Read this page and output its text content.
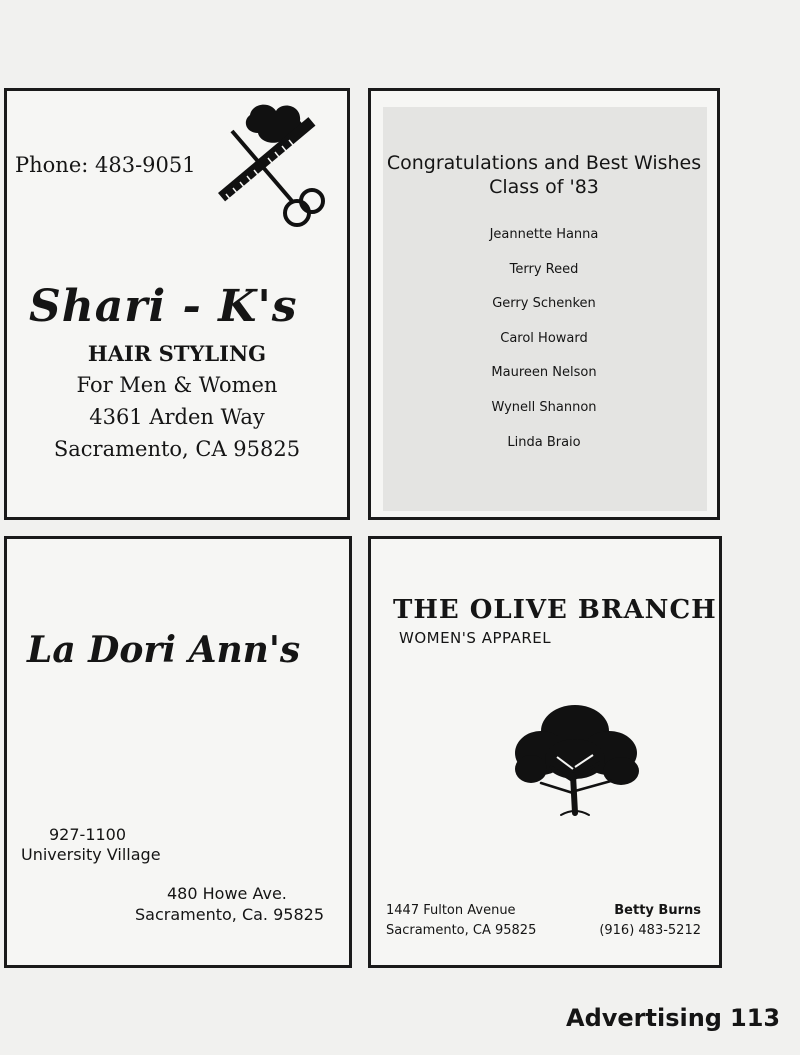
Phone: 483-9051
Shari - K's
HAIR STYLING
For Men & Women
4361 Arden Way
Sacramento, CA 95825
Congratulations and Best Wishes
Class of '83
Jeannette Hanna
Terry Reed
Gerry Schenken
Carol Howard
Maureen Nelson
Wynell Shannon
Linda Braio
La Dori Ann's
927-1100
University Village
480 Howe Ave.
Sacramento, Ca. 95825
THE OLIVE BRANCH
WOMEN'S APPAREL
1447 Fulton Avenue
Sacramento, CA 95825
Betty Burns
(916) 483-5212
Advertising 113
